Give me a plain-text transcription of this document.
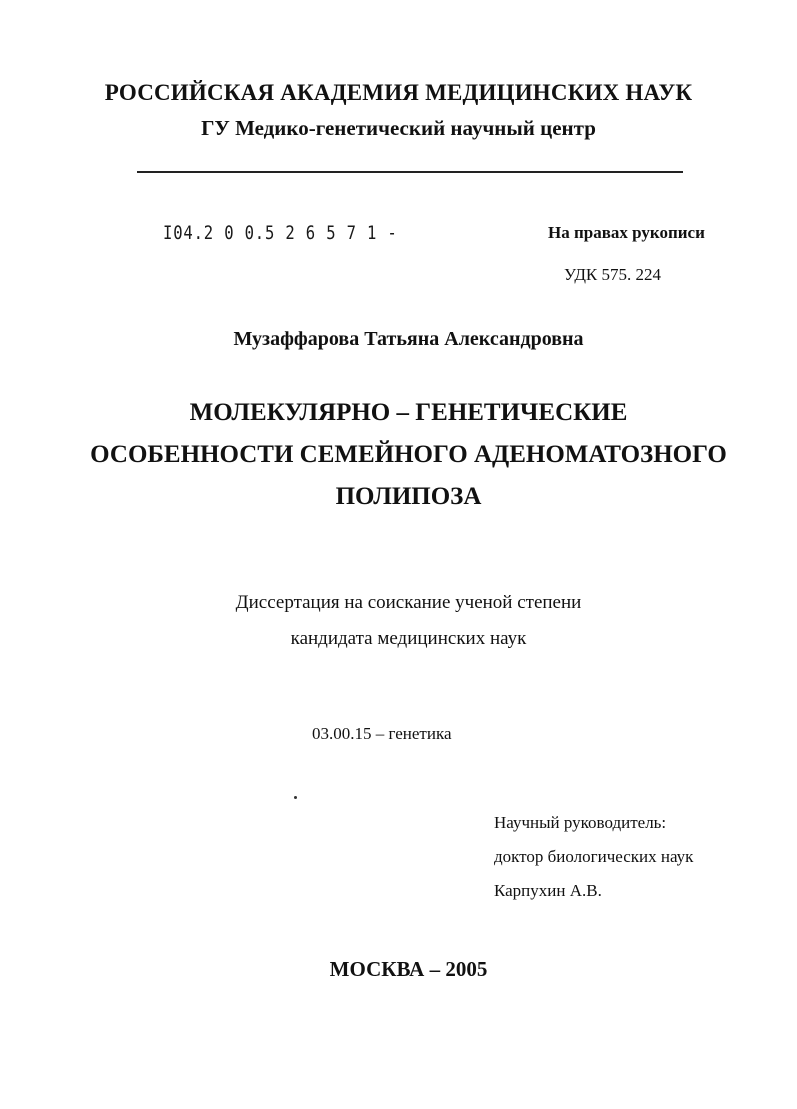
РОССИЙСКАЯ АКАДЕМИЯ МЕДИЦИНСКИХ НАУК
ГУ Медико-генетический научный центр
I04.2 0 0.5 2 6 5 7 1 -	На правах рукописи
УДК 575. 224
Музаффарова Татьяна Александровна
МОЛЕКУЛЯРНО – ГЕНЕТИЧЕСКИЕ
ОСОБЕННОСТИ СЕМЕЙНОГО АДЕНОМАТОЗНОГО
ПОЛИПОЗА
Диссертация на соискание ученой степени
кандидата медицинских наук
03.00.15 – генетика
Научный руководитель:
доктор биологических наук
Карпухин А.В.
МОСКВА – 2005
